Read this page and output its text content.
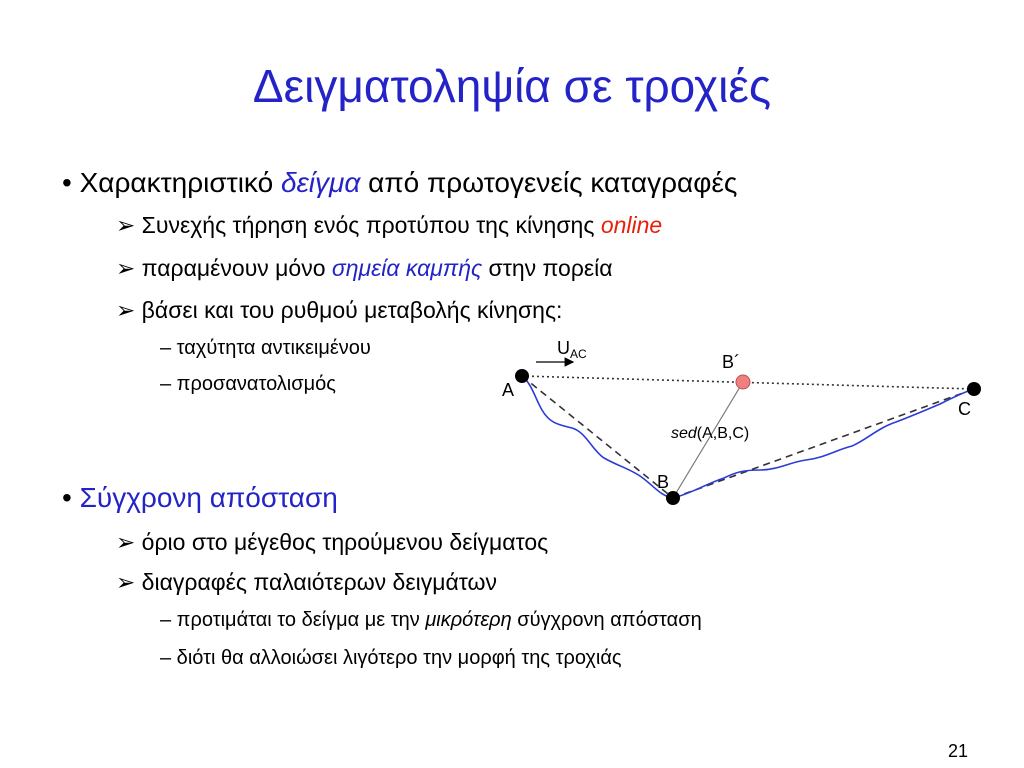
Δειγματοληψία σε τροχιές
• Χαρακτηριστικό δείγμα από πρωτογενείς καταγραφές
➢ Συνεχής τήρηση ενός προτύπου της κίνησης online
➢ παραμένουν μόνο σημεία καμπής στην πορεία
➢ βάσει και του ρυθμού μεταβολής κίνησης:
– ταχύτητα αντικειμένου
– προσανατολισμός
• Σύγχρονη απόσταση
➢ όριο στο μέγεθος τηρούμενου δείγματος
➢ διαγραφές παλαιότερων δειγμάτων
– προτιμάται το δείγμα με την μικρότερη σύγχρονη απόσταση
– διότι θα αλλοιώσει λιγότερο την μορφή της τροχιάς
A
B
B´
C
$U_{AC}$
sed(A,B,C)
21
